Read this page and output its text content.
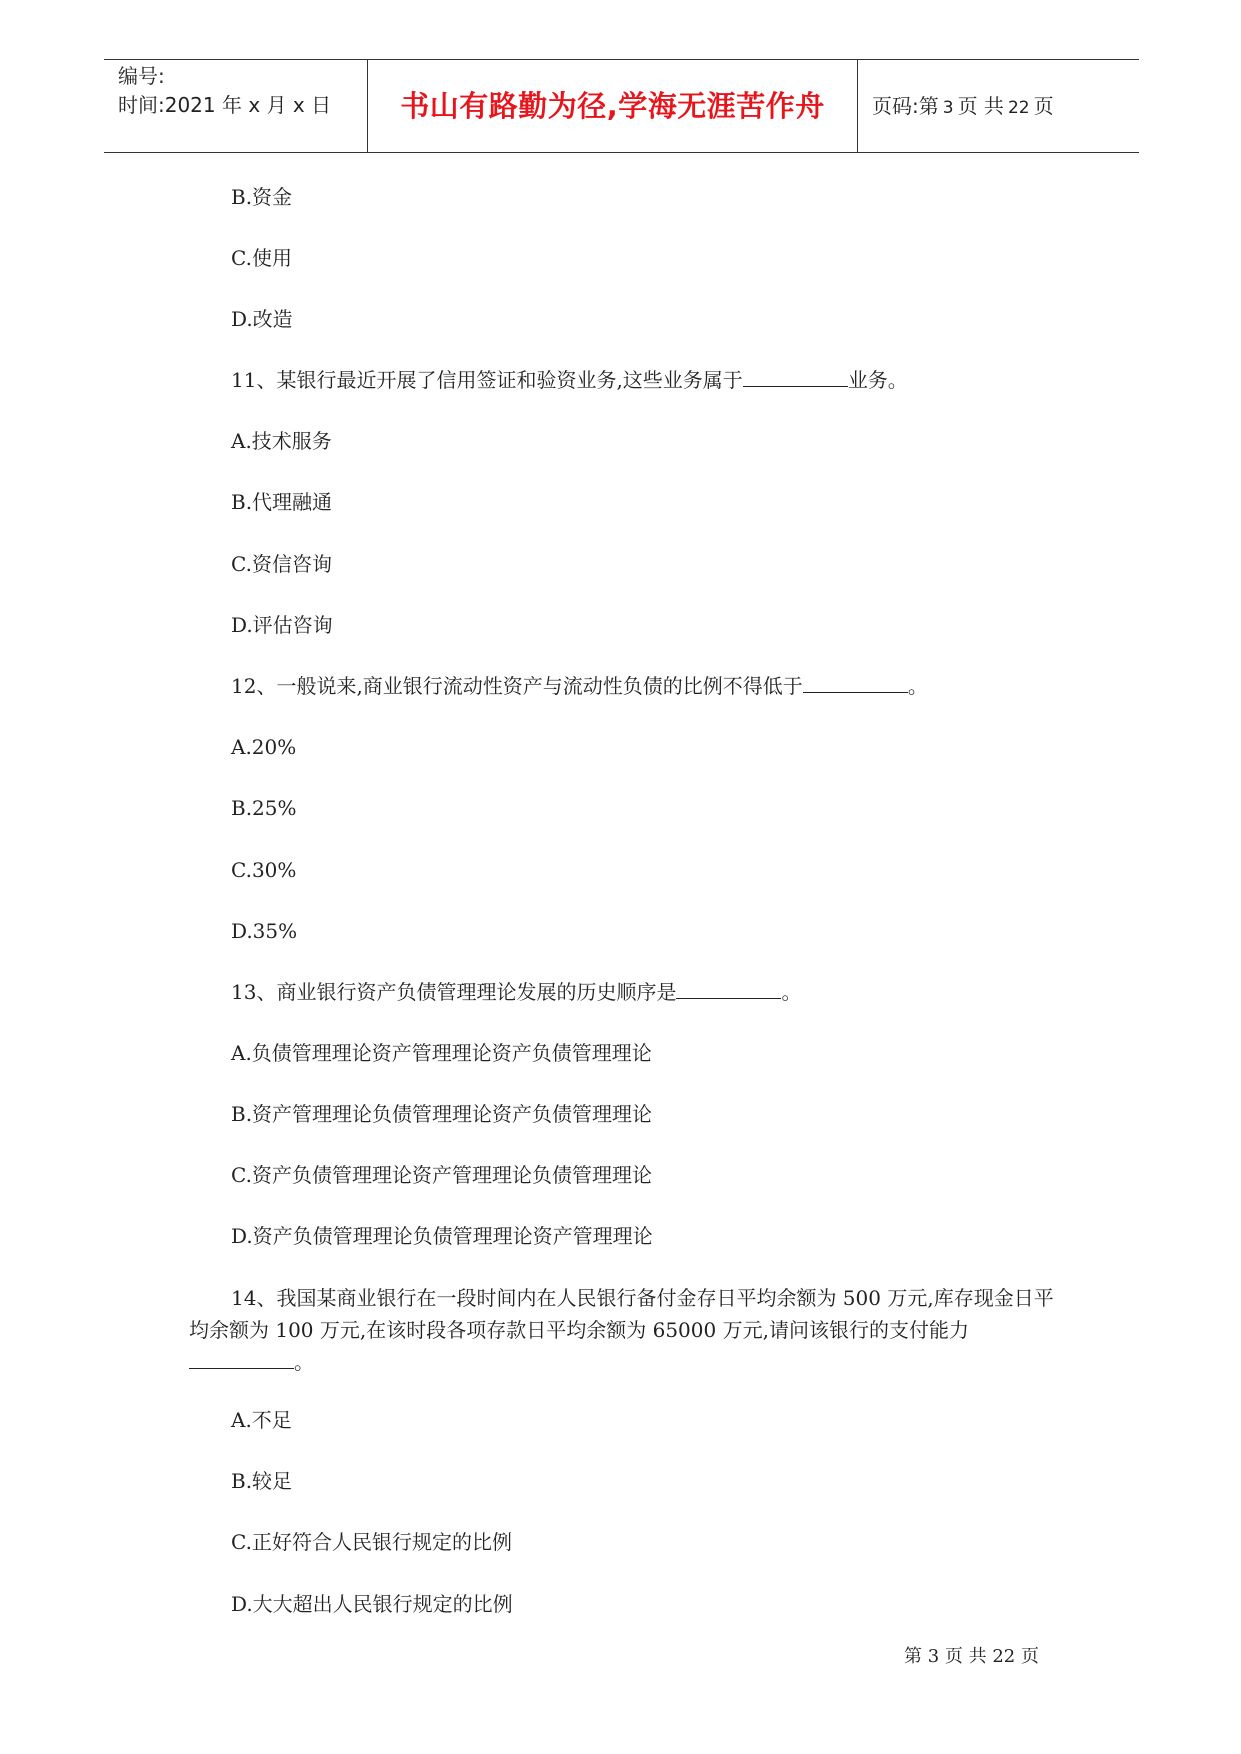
编号:
时间:2021 年 x 月 x 日	书山有路勤为径,学海无涯苦作舟	页码:第 3 页 共 22 页
B.资金
C.使用
D.改造
11、某银行最近开展了信用签证和验资业务,这些业务属于	业务。
A.技术服务
B.代理融通
C.资信咨询
D.评估咨询
12、一般说来,商业银行流动性资产与流动性负债的比例不得低于	。
A.20%
B.25%
C.30%
D.35%
13、商业银行资产负债管理理论发展的历史顺序是	。
A.负债管理理论资产管理理论资产负债管理理论
B.资产管理理论负债管理理论资产负债管理理论
C.资产负债管理理论资产管理理论负债管理理论
D.资产负债管理理论负债管理理论资产管理理论
14、我国某商业银行在一段时间内在人民银行备付金存日平均余额为 500 万元,库存现金日平均余额为 100 万元,在该时段各项存款日平均余额为 65000 万元,请问该银行的支付能力。
A.不足
B.较足
C.正好符合人民银行规定的比例
D.大大超出人民银行规定的比例
第 3 页 共 22 页
